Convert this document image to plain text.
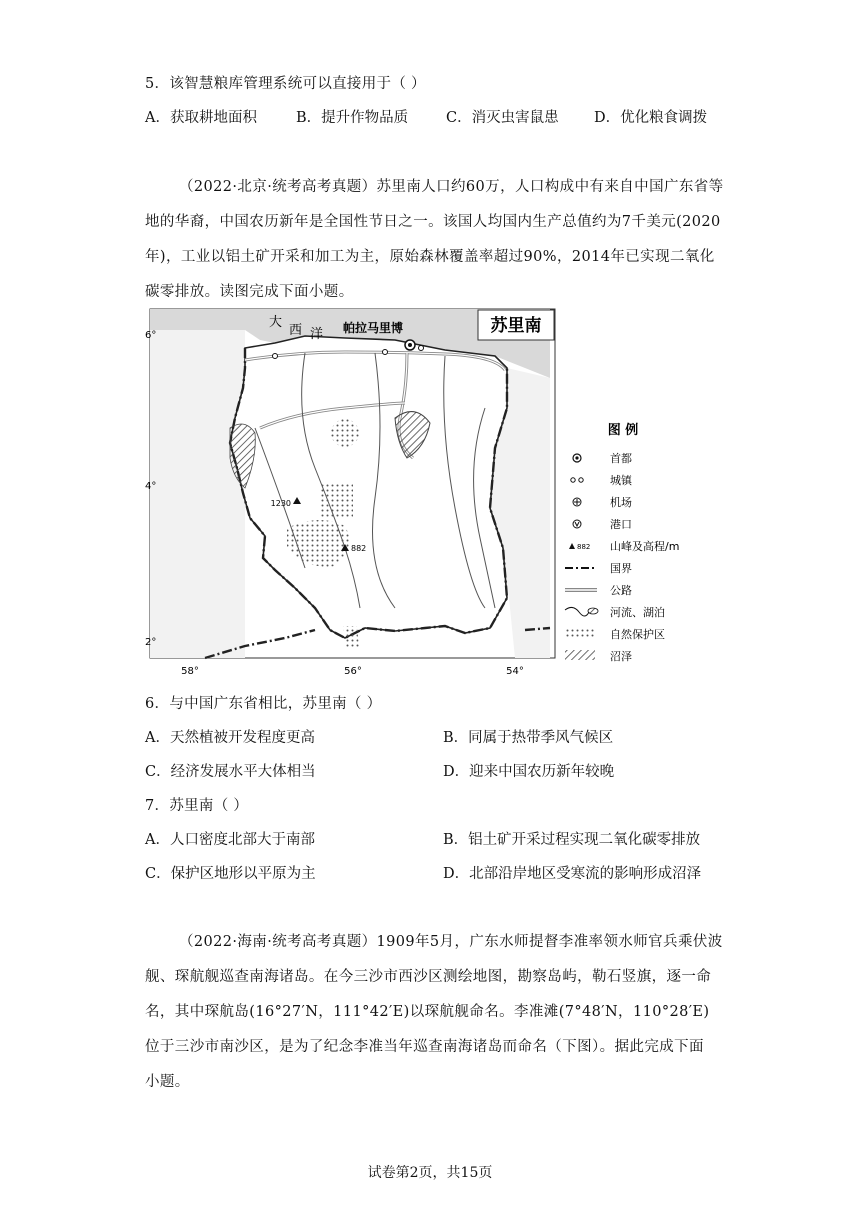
5．该智慧粮库管理系统可以直接用于（ ）
A．获取耕地面积	B．提升作物品质	C．消灭虫害鼠患 D．优化粮食调拨

（2022·北京·统考高考真题）苏里南人口约60万，人口构成中有来自中国广东省等

地的华裔，中国农历新年是全国性节日之一。该国人均国内生产总值约为7千美元(2020

年)，工业以铝土矿开采和加工为主，原始森林覆盖率超过90%，2014年已实现二氧化

碳零排放。读图完成下面小题。

苏里南
帕拉马里博
大
西 洋
1230
882
6°
4°
2°
58°	56°	54°
图 例
首都
城镇
机场
港口
882 山峰及高程/m
国界
公路
河流、湖泊
自然保护区
沼泽
6．与中国广东省相比，苏里南（ ）
A．天然植被开发程度更高	B．同属于热带季风气候区
C．经济发展水平大体相当	D．迎来中国农历新年较晚
7．苏里南（ ）
A．人口密度北部大于南部	B．铝土矿开采过程实现二氧化碳零排放
C．保护区地形以平原为主	D．北部沿岸地区受寒流的影响形成沼泽

（2022·海南·统考高考真题）1909年5月，广东水师提督李准率领水师官兵乘伏波

舰、琛航舰巡查南海诸岛。在今三沙市西沙区测绘地图，勘察岛屿，勒石竖旗，逐一命

名，其中琛航岛(16°27′N，111°42′E)以琛航舰命名。李准滩(7°48′N，110°28′E)

位于三沙市南沙区，是为了纪念李准当年巡查南海诸岛而命名（下图）。据此完成下面

小题。

试卷第2页，共15页
